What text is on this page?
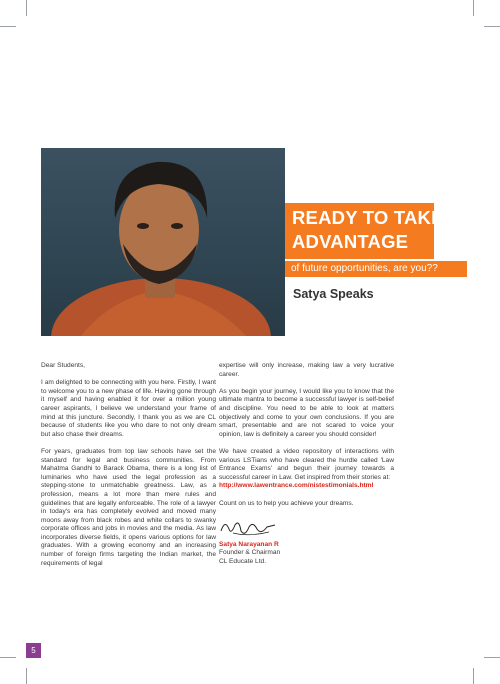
READY TO TAKE
ADVANTAGE
of future opportunities, are you??
Satya Speaks

Dear Students,

I am delighted to be connecting with you here. Firstly, I want to welcome you to a new phase of life. Having gone through it myself and having enabled it for over a million young career aspirants, I believe we understand your frame of mind at this juncture. Secondly, I thank you as we are CL because of students like you who dare to not only dream but also chase their dreams.

For years, graduates from top law schools have set the standard for legal and business communities. From Mahatma Gandhi to Barack Obama, there is a long list of luminaries who have used the legal profession as a stepping-stone to unmatchable greatness. Law, as a profession, means a lot more than mere rules and guidelines that are legally enforceable. The role of a lawyer in today's era has completely evolved and moved many moons away from black robes and white collars to swanky corporate offices and jobs in movies and the media. As law incorporates diverse fields, it opens various options for law graduates. With a growing economy and an increasing number of foreign firms targeting the Indian market, the requirements of legal

expertise will only increase, making law a very lucrative career.

As you begin your journey, I would like you to know that the ultimate mantra to become a successful lawyer is self-belief and discipline. You need to be able to look at matters objectively and come to your own conclusions. If you are smart, presentable and are not scared to voice your opinion, law is definitely a career you should consider!

We have created a video repository of interactions with various LSTians who have cleared the hurdle called 'Law Entrance Exams' and begun their journey towards a successful career in Law. Get inspired from their stories at:

http://www.lawentrance.com/nistestimonials.html

Count on us to help you achieve your dreams.

Satya Narayanan R
Founder & Chairman
CL Educate Ltd.
5
